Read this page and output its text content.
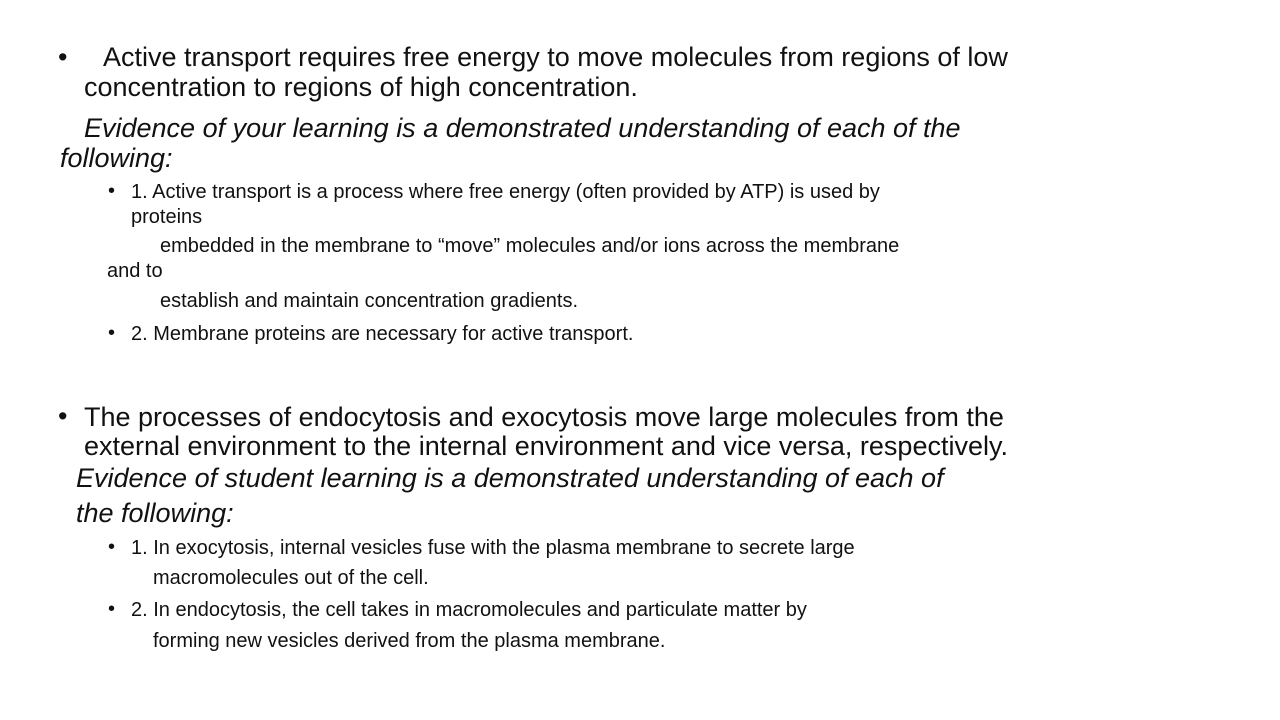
• Active transport requires free energy to move molecules from regions of low
concentration to regions of high concentration.
Evidence of your learning is a demonstrated understanding of each of the
following:
• 1. Active transport is a process where free energy (often provided by ATP) is used by
proteins
embedded in the membrane to “move” molecules and/or ions across the membrane
and to
establish and maintain concentration gradients.
• 2. Membrane proteins are necessary for active transport.
• The processes of endocytosis and exocytosis move large molecules from the
external environment to the internal environment and vice versa, respectively.
Evidence of student learning is a demonstrated understanding of each of
the following:
• 1. In exocytosis, internal vesicles fuse with the plasma membrane to secrete large
macromolecules out of the cell.
• 2. In endocytosis, the cell takes in macromolecules and particulate matter by
forming new vesicles derived from the plasma membrane.
